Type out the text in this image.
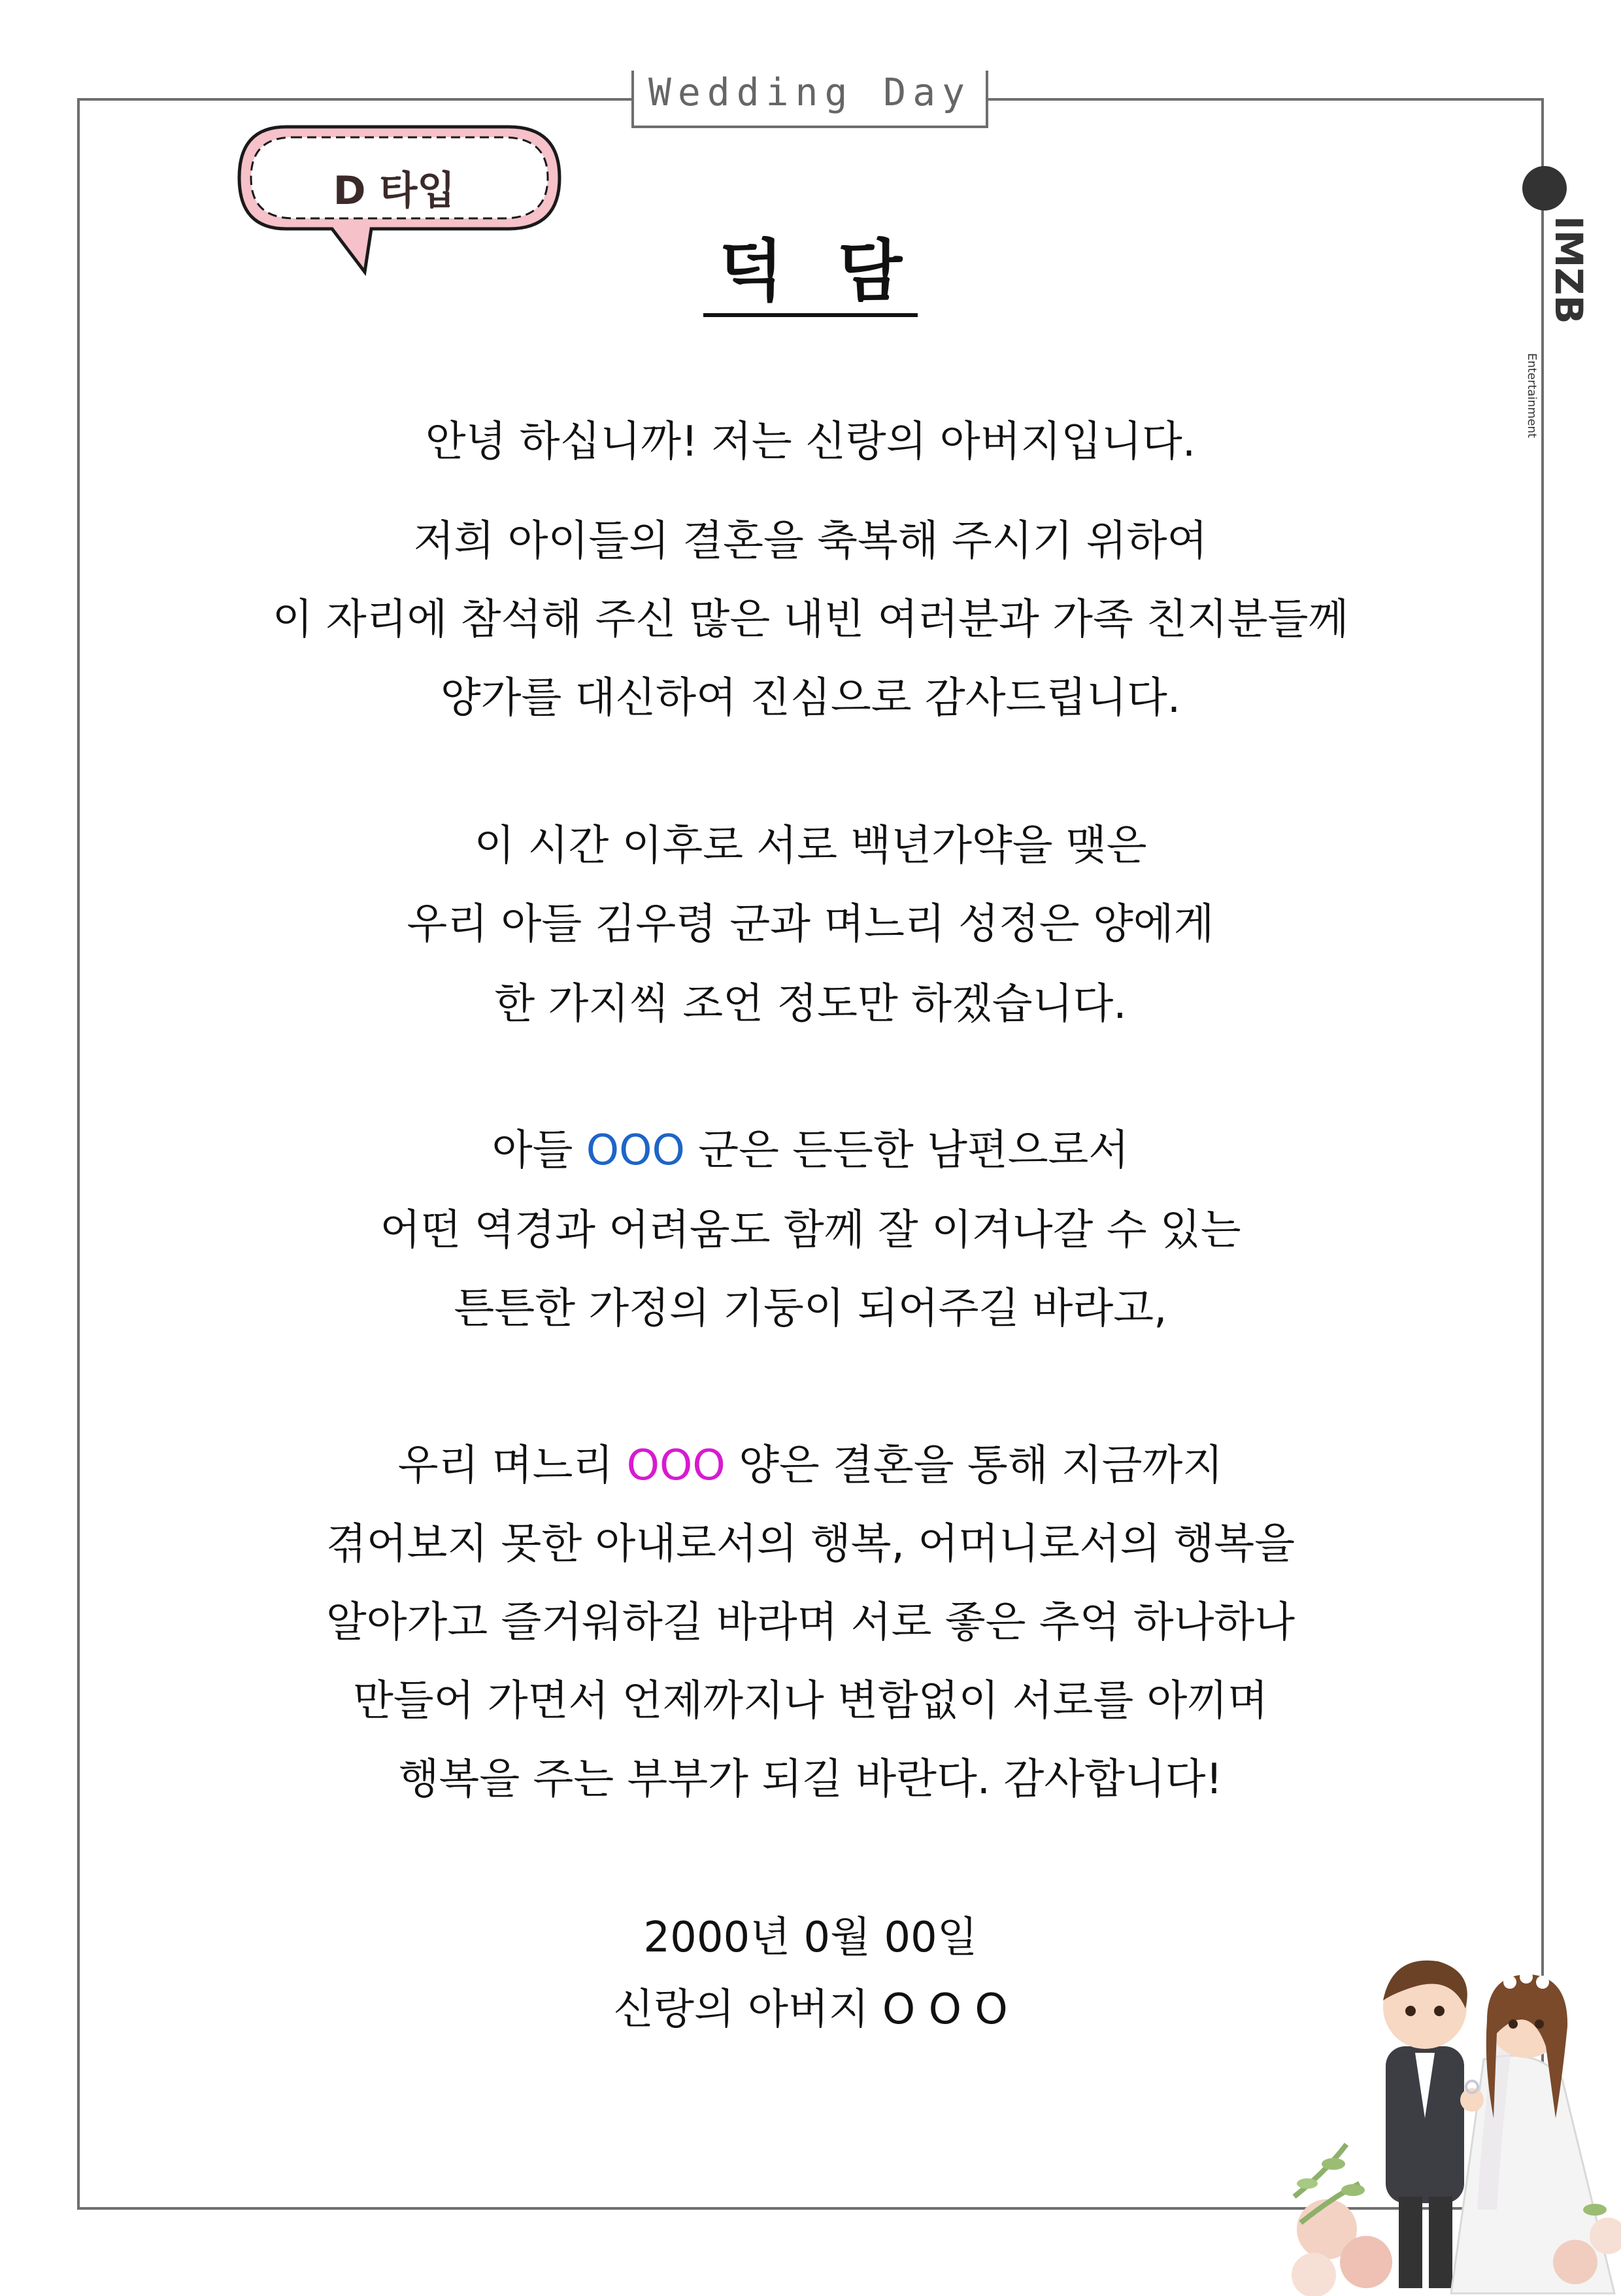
Wedding Day
D 타입
IMZB
Entertainment
덕 담
안녕 하십니까! 저는 신랑의 아버지입니다.
저희 아이들의 결혼을 축복해 주시기 위하여
이 자리에 참석해 주신 많은 내빈 여러분과 가족 친지분들께
양가를 대신하여 진심으로 감사드립니다.
이 시간 이후로 서로 백년가약을 맺은
우리 아들 김우령 군과 며느리 성정은 양에게
한 가지씩 조언 정도만 하겠습니다.
아들 OOO 군은 든든한 남편으로서
어떤 역경과 어려움도 함께 잘 이겨나갈 수 있는
튼튼한 가정의 기둥이 되어주길 바라고,
우리 며느리 OOO 양은 결혼을 통해 지금까지
겪어보지 못한 아내로서의 행복, 어머니로서의 행복을
알아가고 즐거워하길 바라며 서로 좋은 추억 하나하나
만들어 가면서 언제까지나 변함없이 서로를 아끼며
행복을 주는 부부가 되길 바란다. 감사합니다!
2000년 0월 00일
신랑의 아버지 O O O
